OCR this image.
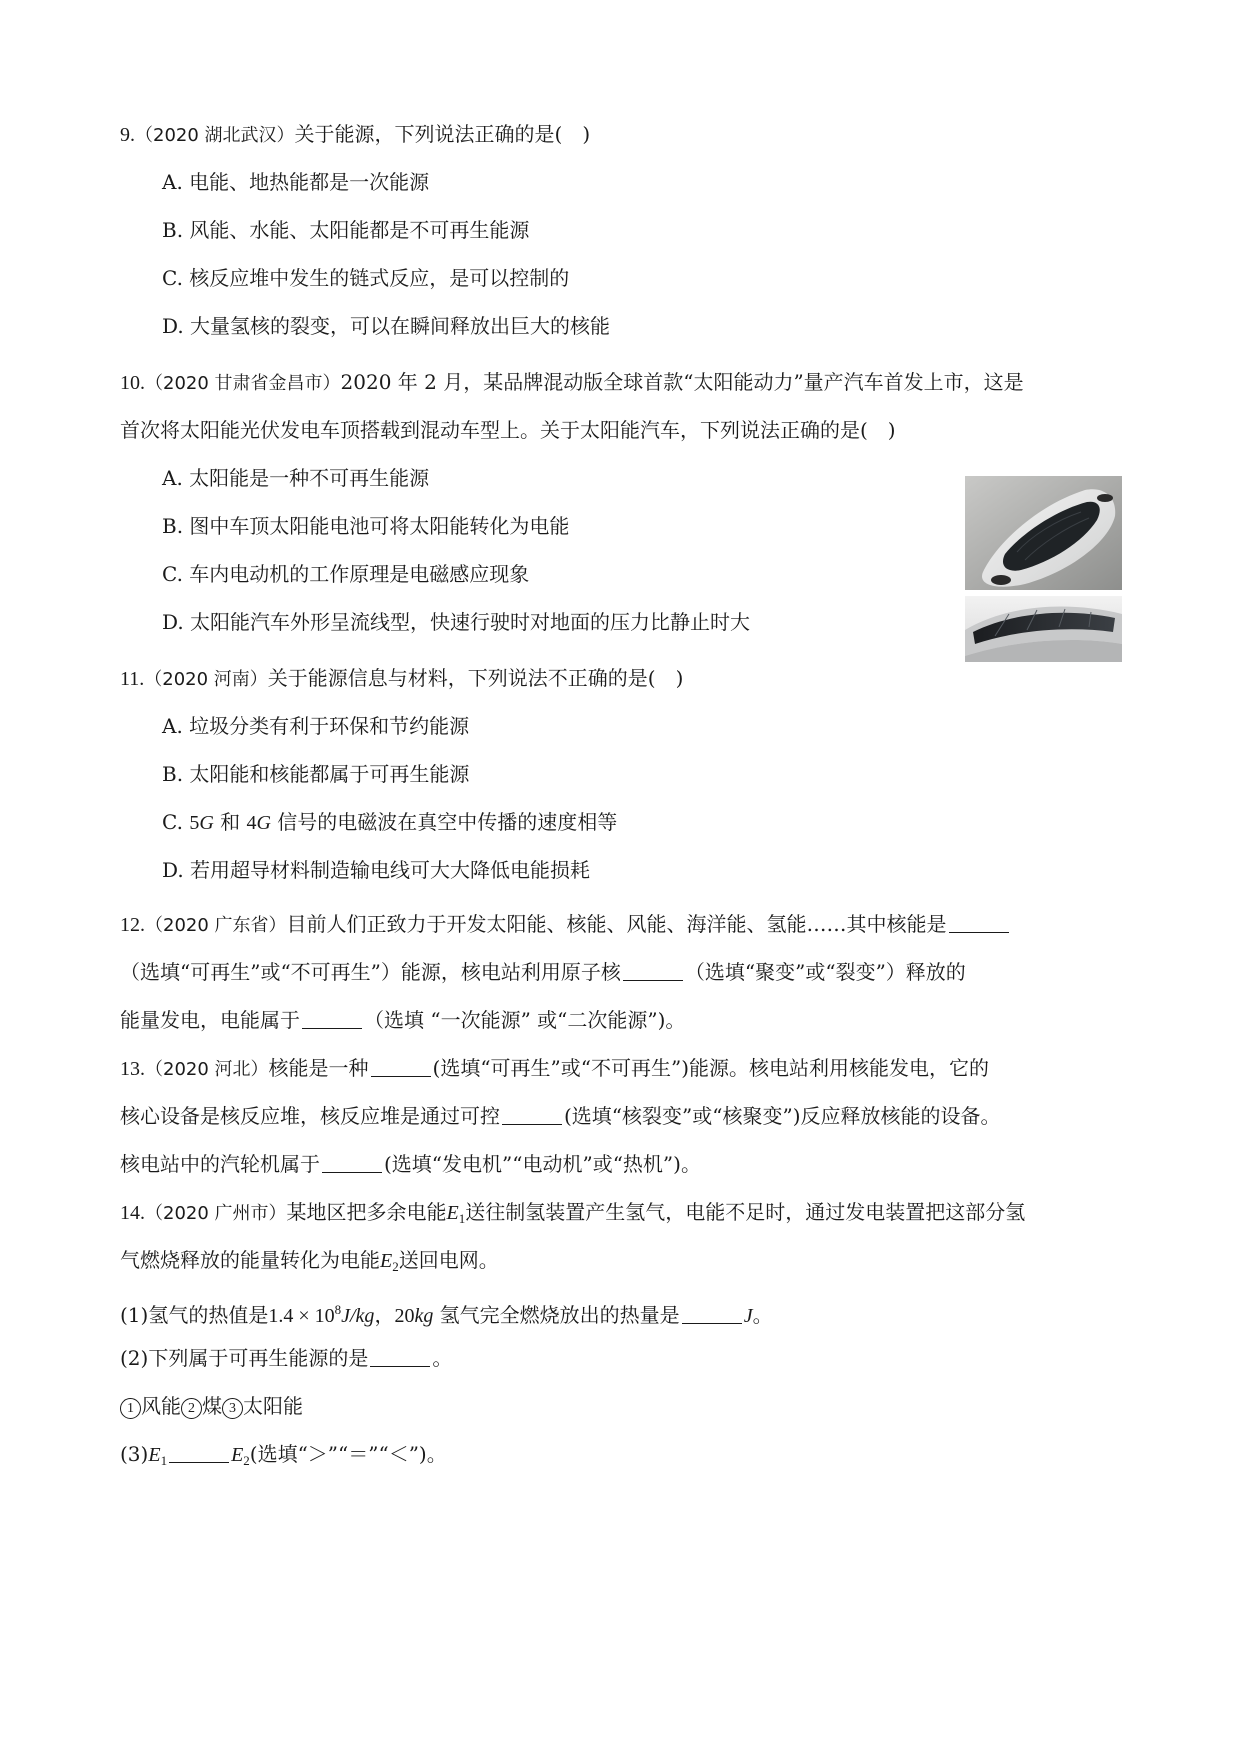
9.（2020 湖北武汉）关于能源，下列说法正确的是(　)
A. 电能、地热能都是一次能源
B. 风能、水能、太阳能都是不可再生能源
C. 核反应堆中发生的链式反应，是可以控制的
D. 大量氢核的裂变，可以在瞬间释放出巨大的核能
10.（2020 甘肃省金昌市）2020 年 2 月，某品牌混动版全球首款“太阳能动力”量产汽车首发上市，这是
首次将太阳能光伏发电车顶搭载到混动车型上。关于太阳能汽车，下列说法正确的是(　)
A. 太阳能是一种不可再生能源
B. 图中车顶太阳能电池可将太阳能转化为电能
C. 车内电动机的工作原理是电磁感应现象
D. 太阳能汽车外形呈流线型，快速行驶时对地面的压力比静止时大
11.（2020 河南）关于能源信息与材料，下列说法不正确的是(　)
A. 垃圾分类有利于环保和节约能源
B. 太阳能和核能都属于可再生能源
C. 5G 和 4G 信号的电磁波在真空中传播的速度相等
D. 若用超导材料制造输电线可大大降低电能损耗
12.（2020 广东省）目前人们正致力于开发太阳能、核能、风能、海洋能、氢能……其中核能是
（选填“可再生”或“不可再生”）能源，核电站利用原子核	（选填“聚变”或“裂变”）释放的
能量发电，电能属于	（选填 “一次能源” 或“二次能源”)。
13.（2020 河北）核能是一种	(选填“可再生”或“不可再生”)能源。核电站利用核能发电，它的
核心设备是核反应堆，核反应堆是通过可控	(选填“核裂变”或“核聚变”)反应释放核能的设备。
核电站中的汽轮机属于	(选填“发电机”“电动机”或“热机”)。
14.（2020 广州市）某地区把多余电能$E_1$送往制氢装置产生氢气，电能不足时，通过发电装置把这部分氢
气燃烧释放的能量转化为电能$E_2$送回电网。
(1)氢气的热值是$1.4 \times 10^8J/kg$，20kg 氢气完全燃烧放出的热量是	J。
(2)下列属于可再生能源的是	。
1 风能 2 煤 3 太阳能
$(3)E_1$	$E_2$(选填“＞”“＝”“＜”)。
